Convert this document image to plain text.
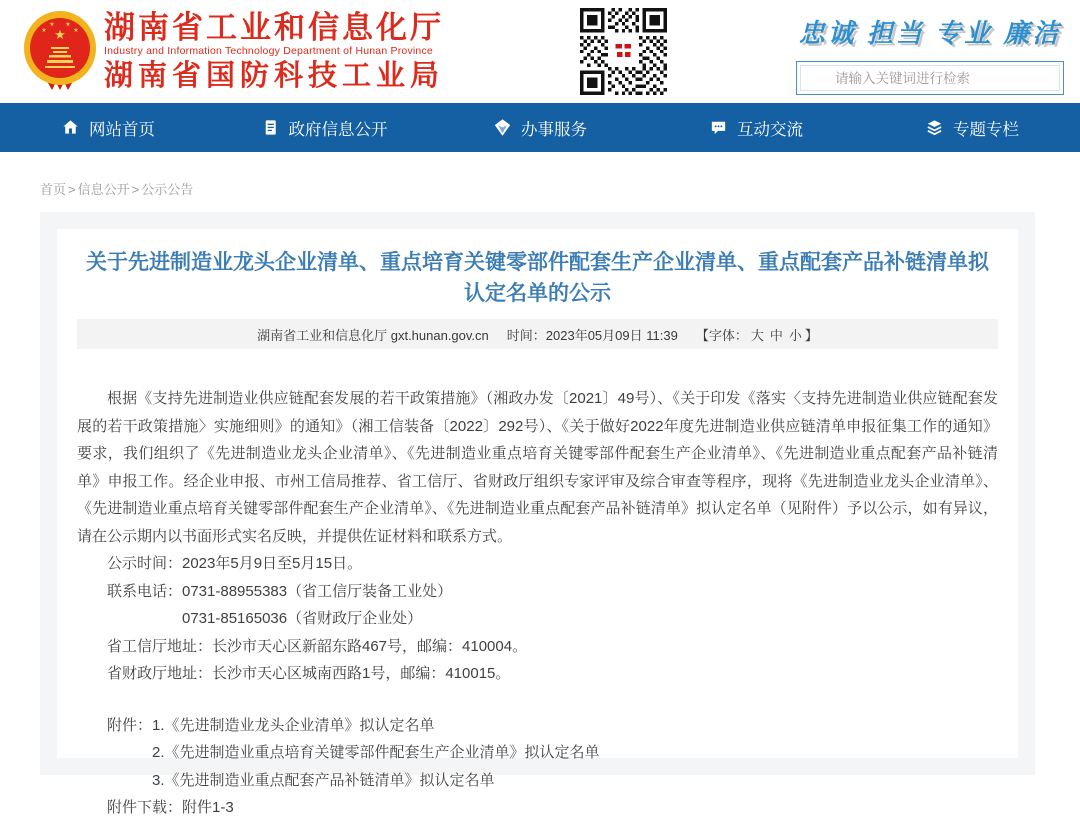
★
★
★ ★
★ 湖南省工业和信息化厅
Industry and Information Technology Department of Hunan Province
湖南省国防科技工业局
忠诚 担当 专业 廉洁
请输入关键词进行检索
网站首页	政府信息公开	办事服务	互动交流	专题专栏
首页 > 信息公开 > 公示公告
关于先进制造业龙头企业清单、重点培育关键零部件配套生产企业清单、重点配套产品补链清单拟认定名单的公示
湖南省工业和信息化厅 gxt.hunan.gov.cn 时间：2023年05月09日 11:39 【字体： 大 中 小 】

根据《支持先进制造业供应链配套发展的若干政策措施》（湘政办发〔2021〕49号）、《关于印发《落实〈支持先进制造业供应链配套发展的若干政策措施〉实施细则》的通知》（湘工信装备〔2022〕292号）、《关于做好2022年度先进制造业供应链清单申报征集工作的通知》要求，我们组织了《先进制造业龙头企业清单》、《先进制造业重点培育关键零部件配套生产企业清单》、《先进制造业重点配套产品补链清单》申报工作。经企业申报、市州工信局推荐、省工信厅、省财政厅组织专家评审及综合审查等程序，现将《先进制造业龙头企业清单》、《先进制造业重点培育关键零部件配套生产企业清单》、《先进制造业重点配套产品补链清单》拟认定名单（见附件）予以公示，如有异议，请在公示期内以书面形式实名反映，并提供佐证材料和联系方式。

公示时间：2023年5月9日至5月15日。

联系电话：0731-88955383（省工信厅装备工业处）

0731-85165036（省财政厅企业处）

省工信厅地址：长沙市天心区新韶东路467号，邮编：410004。

省财政厅地址：长沙市天心区城南西路1号，邮编：410015。

附件：1.《先进制造业龙头企业清单》拟认定名单

2.《先进制造业重点培育关键零部件配套生产企业清单》拟认定名单

3.《先进制造业重点配套产品补链清单》拟认定名单

附件下载：附件1-3
